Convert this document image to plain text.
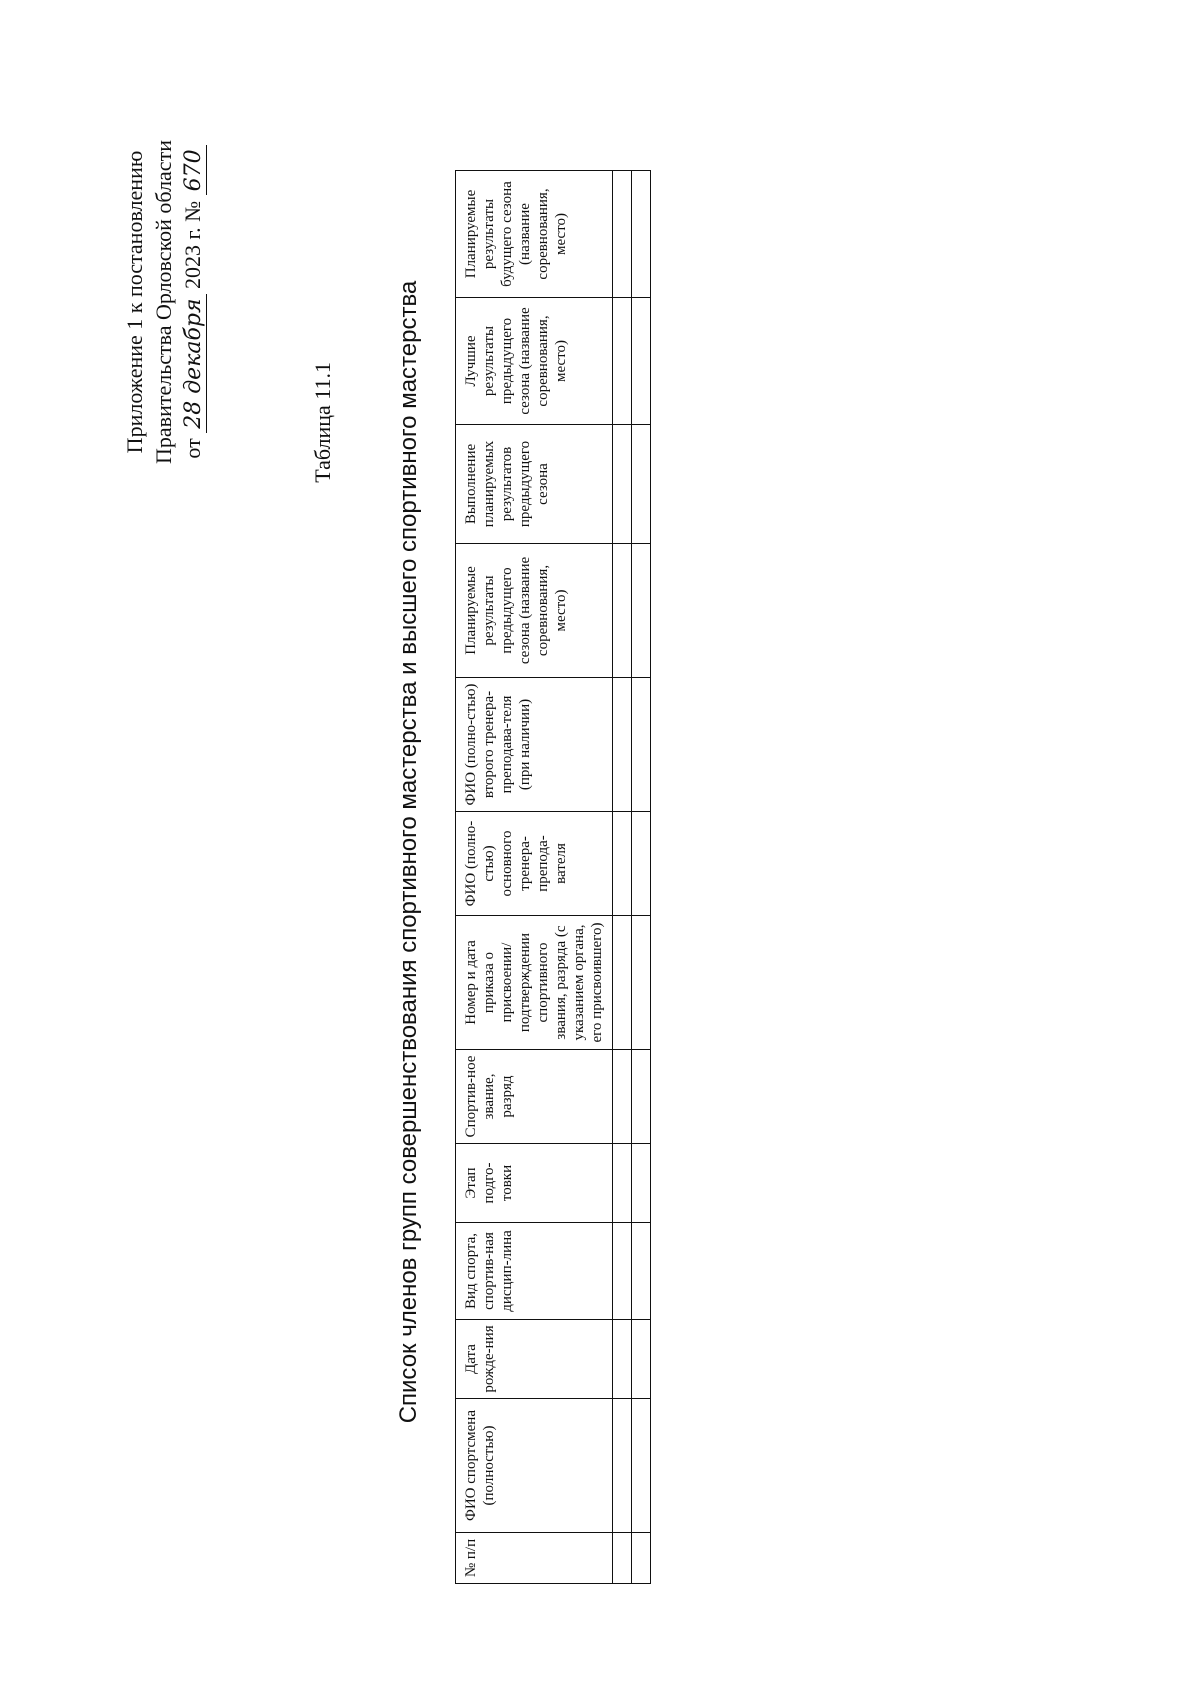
Приложение 1 к постановлению Правительства Орловской области от 28 декабря 2023 г. № 670
Таблица 11.1	Список членов групп совершенствования спортивного мастерства и высшего спортивного мастерства
№ п/п	ФИО спортсмена (полностью)	Дата рожде-ния	Вид спорта, спортив-ная дисцип-лина	Этап подго-товки	Спортив-ное звание, разряд	Номер и дата приказа о присвоении/ подтверждении спортивного звания, разряда (с указанием органа, его присвоившего)	ФИО (полно-стью) основного тренера-препода-вателя	ФИО (полно-стью) второго тренера-преподава-теля (при наличии)	Планируемые результаты предыдущего сезона (название соревнования, место)	Выполнение планируемых результатов предыдущего сезона	Лучшие результаты предыдущего сезона (название соревнования, место)	Планируемые результаты будущего сезона (название соревнования, место)
